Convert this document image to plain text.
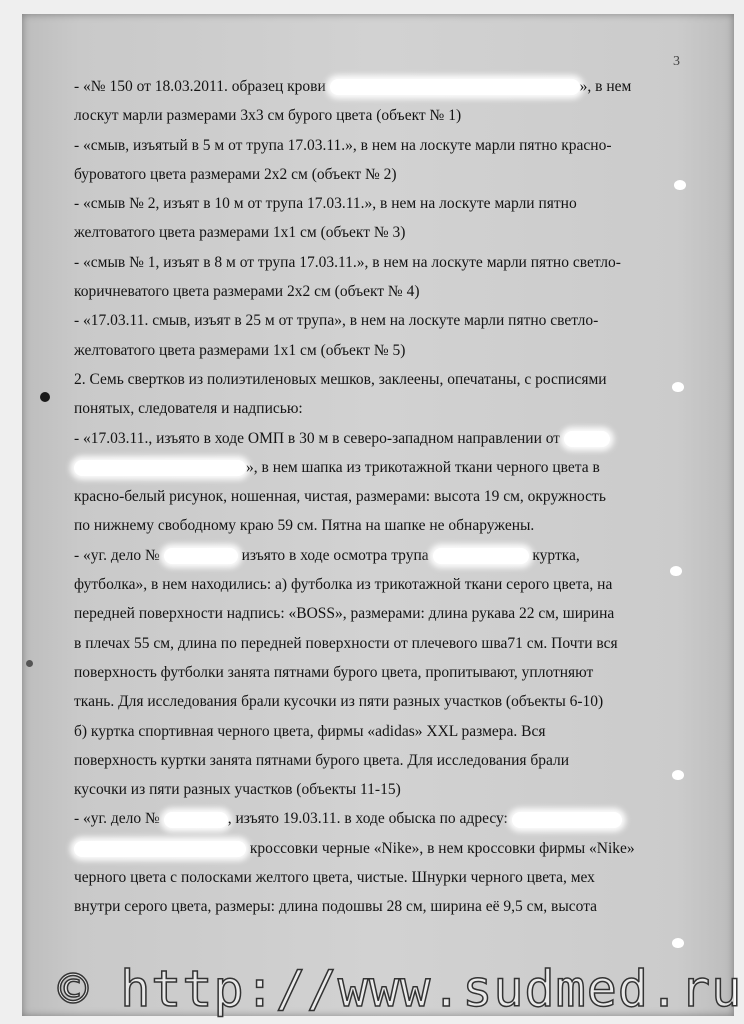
3

- «№ 150 от 18.03.2011. образец крови	», в нем

лоскут марли размерами 3х3 см бурого цвета (объект № 1)

- «смыв, изъятый в 5 м от трупа 17.03.11.», в нем на лоскуте марли пятно красно-

буроватого цвета размерами 2х2 см (объект № 2)

- «смыв № 2, изъят в 10 м от трупа 17.03.11.», в нем на лоскуте марли пятно

желтоватого цвета размерами 1х1 см (объект № 3)

- «смыв № 1, изъят в 8 м от трупа 17.03.11.», в нем на лоскуте марли пятно светло-

коричневатого цвета размерами 2х2 см (объект № 4)

- «17.03.11. смыв, изъят в 25 м от трупа», в нем на лоскуте марли пятно светло-

желтоватого цвета размерами 1х1 см (объект № 5)

2. Семь свертков из полиэтиленовых мешков, заклеены, опечатаны, с росписями

понятых, следователя и надписью:

- «17.03.11., изъято в ходе ОМП в 30 м в северо-западном направлении от

», в нем шапка из трикотажной ткани черного цвета в

красно-белый рисунок, ношенная, чистая, размерами: высота 19 см, окружность

по нижнему свободному краю 59 см. Пятна на шапке не обнаружены.

- «уг. дело №	изъято в ходе осмотра трупа	куртка,

футболка», в нем находились: а) футболка из трикотажной ткани серого цвета, на

передней поверхности надпись: «BOSS», размерами: длина рукава 22 см, ширина

в плечах 55 см, длина по передней поверхности от плечевого шва71 см. Почти вся

поверхность футболки занята пятнами бурого цвета, пропитывают, уплотняют

ткань. Для исследования брали кусочки из пяти разных участков (объекты 6-10)

б) куртка спортивная черного цвета, фирмы «adidas» XXL размера. Вся

поверхность куртки занята пятнами бурого цвета. Для исследования брали

кусочки из пяти разных участков (объекты 11-15)

- «уг. дело №	, изъято 19.03.11. в ходе обыска по адресу:

кроссовки черные «Nike», в нем кроссовки фирмы «Nike»

черного цвета с полосками желтого цвета, чистые. Шнурки черного цвета, мех

внутри серого цвета, размеры: длина подошвы 28 см, ширина её 9,5 см, высота

© http://www.sudmed.ru
